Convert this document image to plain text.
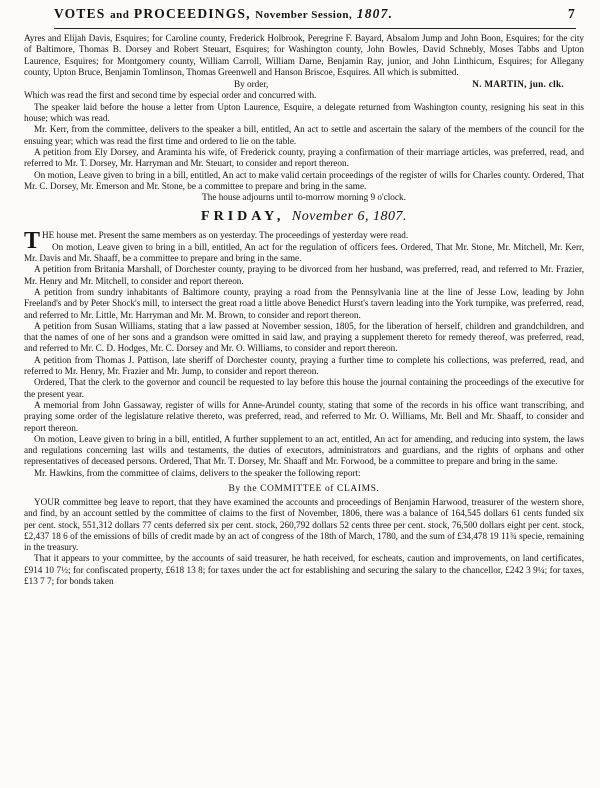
VOTES and PROCEEDINGS, November Session, 1807.	7

Ayres and Elijah Davis, Esquires; for Caroline county, Frederick Holbrook, Peregrine F. Bayard, Absalom Jump and John Boon, Esquires; for the city of Baltimore, Thomas B. Dorsey and Robert Steuart, Esquires; for Washington county, John Bowles, David Schnebly, Moses Tabbs and Upton Laurence, Esquires; for Montgomery county, William Carroll, William Darne, Benjamin Ray, junior, and John Linthicum, Esquires; for Allegany county, Upton Bruce, Benjamin Tomlinson, Thomas Greenwell and Hanson Briscoe, Esquires. All which is submitted.

By order,	N. MARTIN, jun. clk.

Which was read the first and second time by especial order and concurred with.

The speaker laid before the house a letter from Upton Laurence, Esquire, a delegate returned from Washington county, resigning his seat in this house; which was read.

Mr. Kerr, from the committee, delivers to the speaker a bill, entitled, An act to settle and ascertain the salary of the members of the council for the ensuing year; which was read the first time and ordered to lie on the table.

A petition from Ely Dorsey, and Araminta his wife, of Frederick county, praying a confirmation of their marriage articles, was preferred, read, and referred to Mr. T. Dorsey, Mr. Harryman and Mr. Steuart, to consider and report thereon.

On motion, Leave given to bring in a bill, entitled, An act to make valid certain proceedings of the register of wills for Charles county. Ordered, That Mr. C. Dorsey, Mr. Emerson and Mr. Stone, be a committee to prepare and bring in the same.

The house adjourns until to-morrow morning 9 o'clock.

FRIDAY, November 6, 1807.

THE house met. Present the same members as on yesterday. The proceedings of yesterday were read.

On motion, Leave given to bring in a bill, entitled, An act for the regulation of officers fees. Ordered, That Mr. Stone, Mr. Mitchell, Mr. Kerr, Mr. Davis and Mr. Shaaff, be a committee to prepare and bring in the same.

A petition from Britania Marshall, of Dorchester county, praying to be divorced from her husband, was preferred, read, and referred to Mr. Frazier, Mr. Henry and Mr. Mitchell, to consider and report thereon.

A petition from sundry inhabitants of Baltimore county, praying a road from the Pennsylvania line at the line of Jesse Low, leading by John Freeland's and by Peter Shock's mill, to intersect the great road a little above Benedict Hurst's tavern leading into the York turnpike, was preferred, read, and referred to Mr. Little, Mr. Harryman and Mr. M. Brown, to consider and report thereon.

A petition from Susan Williams, stating that a law passed at November session, 1805, for the liberation of herself, children and grandchildren, and that the names of one of her sons and a grandson were omitted in said law, and praying a supplement thereto for remedy thereof, was preferred, read, and referred to Mr. C. D. Hodges, Mr. C. Dorsey and Mr. O. Williams, to consider and report thereon.

A petition from Thomas J. Pattison, late sheriff of Dorchester county, praying a further time to complete his collections, was preferred, read, and referred to Mr. Henry, Mr. Frazier and Mr. Jump, to consider and report thereon.

Ordered, That the clerk to the governor and council be requested to lay before this house the journal containing the proceedings of the executive for the present year.

A memorial from John Gassaway, register of wills for Anne-Arundel county, stating that some of the records in his office want transcribing, and praying some order of the legislature relative thereto, was preferred, read, and referred to Mr. O. Williams, Mr. Bell and Mr. Shaaff, to consider and report thereon.

On motion, Leave given to bring in a bill, entitled, A further supplement to an act, entitled, An act for amending, and reducing into system, the laws and regulations concerning last wills and testaments, the duties of executors, administrators and guardians, and the rights of orphans and other representatives of deceased persons. Ordered, That Mr. T. Dorsey, Mr. Shaaff and Mr. Forwood, be a committee to prepare and bring in the same.

Mr. Hawkins, from the committee of claims, delivers to the speaker the following report:

By the COMMITTEE of CLAIMS.

YOUR committee beg leave to report, that they have examined the accounts and proceedings of Benjamin Harwood, treasurer of the western shore, and find, by an account settled by the committee of claims to the first of November, 1806, there was a balance of 164,545 dollars 61 cents funded six per cent. stock, 551,312 dollars 77 cents deferred six per cent. stock, 260,792 dollars 52 cents three per cent. stock, 76,500 dollars eight per cent. stock, £2,437 18 6 of the emissions of bills of credit made by an act of congress of the 18th of March, 1780, and the sum of £34,478 19 11¾ specie, remaining in the treasury.

That it appears to your committee, by the accounts of said treasurer, he hath received, for escheats, caution and improvements, on land certificates, £914 10 7½; for confiscated property, £618 13 8; for taxes under the act for establishing and securing the salary to the chancellor, £242 3 9¼; for taxes, £13 7 7; for bonds taken
